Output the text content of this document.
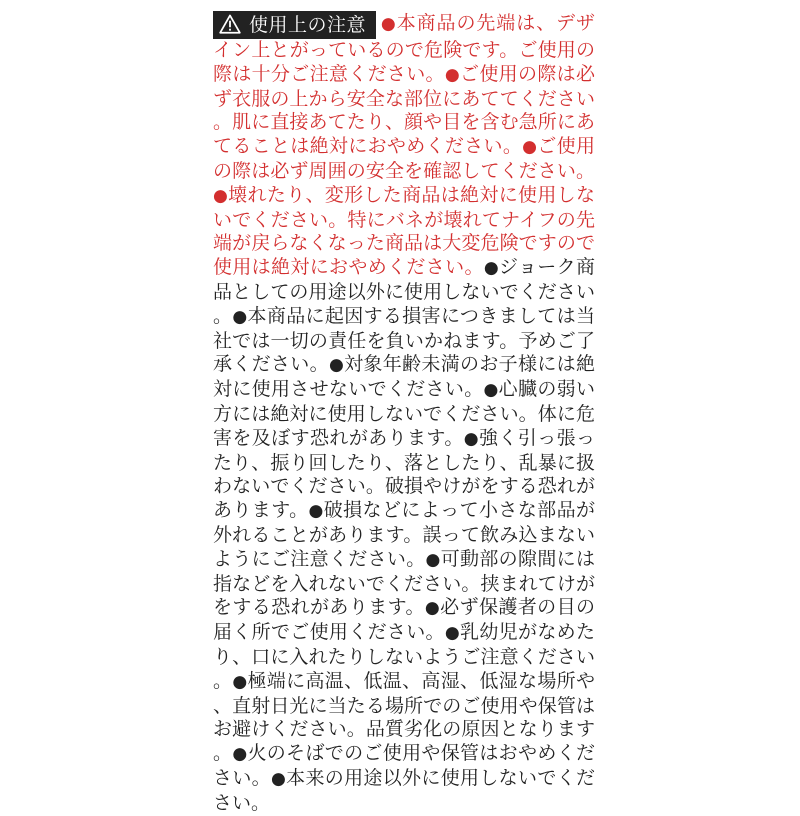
使用上の注意 ●本商品の先端は、デザイン上とがっているので危険です。ご使用の際は十分ご注意ください。●ご使用の際は必ず衣服の上から安全な部位にあててください。肌に直接あてたり、顔や目を含む急所にあてることは絶対におやめください。●ご使用の際は必ず周囲の安全を確認してください。●壊れたり、変形した商品は絶対に使用しないでください。特にバネが壊れてナイフの先端が戻らなくなった商品は大変危険ですので使用は絶対におやめください。●ジョーク商品としての用途以外に使用しないでください。●本商品に起因する損害につきましては当社では一切の責任を負いかねます。予めご了承ください。●対象年齢未満のお子様には絶対に使用させないでください。●心臓の弱い方には絶対に使用しないでください。体に危害を及ぼす恐れがあります。●強く引っ張ったり、振り回したり、落としたり、乱暴に扱わないでください。破損やけがをする恐れがあります。●破損などによって小さな部品が外れることがあります。誤って飲み込まないようにご注意ください。●可動部の隙間には指などを入れないでください。挟まれてけがをする恐れがあります。●必ず保護者の目の届く所でご使用ください。●乳幼児がなめたり、口に入れたりしないようご注意ください。●極端に高温、低温、高湿、低湿な場所や、直射日光に当たる場所でのご使用や保管はお避けください。品質劣化の原因となります。●火のそばでのご使用や保管はおやめください。●本来の用途以外に使用しないでください。
